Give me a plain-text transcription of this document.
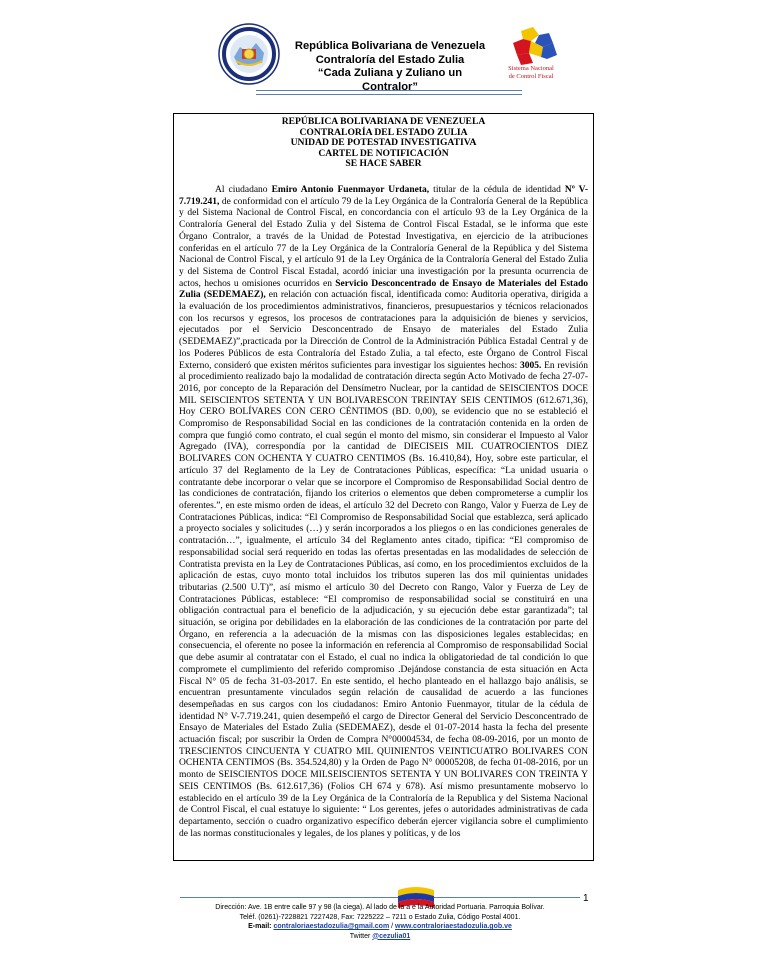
República Bolivariana de Venezuela
Contraloría del Estado Zulia
“Cada Zuliana y Zuliano un Contralor”
Sistema Nacional
de Control Fiscal
REPÚBLICA BOLIVARIANA DE VENEZUELA
CONTRALORÍA DEL ESTADO ZULIA
UNIDAD DE POTESTAD INVESTIGATIVA
CARTEL DE NOTIFICACIÓN
SE HACE SABER

Al ciudadano Emiro Antonio Fuenmayor Urdaneta, titular de la cédula de identidad Nº V- 7.719.241, de conformidad con el artículo 79 de la Ley Orgánica de la Contraloría General de la República y del Sistema Nacional de Control Fiscal, en concordancia con el artículo 93 de la Ley Orgánica de la Contraloría General del Estado Zulia y del Sistema de Control Fiscal Estadal, se le informa que este Órgano Contralor, a través de la Unidad de Potestad Investigativa, en ejercicio de la atribuciones conferidas en el artículo 77 de la Ley Orgánica de la Contraloría General de la República y del Sistema Nacional de Control Fiscal, y el artículo 91 de la Ley Orgánica de la Contraloría General del Estado Zulia y del Sistema de Control Fiscal Estadal, acordó iniciar una investigación por la presunta ocurrencia de actos, hechos u omisiones ocurridos en Servicio Desconcentrado de Ensayo de Materiales del Estado Zulia (SEDEMAEZ), en relación con actuación fiscal, identificada como: Auditoria operativa, dirigida a la evaluación de los procedimientos administrativos, financieros, presupuestarios y técnicos relacionados con los recursos y egresos, los procesos de contrataciones para la adquisición de bienes y servicios, ejecutados por el Servicio Desconcentrado de Ensayo de materiales del Estado Zulia (SEDEMAEZ)”,practicada por la Dirección de Control de la Administración Pública Estadal Central y de los Poderes Públicos de esta Contraloría del Estado Zulia, a tal efecto, este Órgano de Control Fiscal Externo, consideró que existen méritos suficientes para investigar los siguientes hechos: 3005. En revisión al procedimiento realizado bajo la modalidad de contratación directa según Acto Motivado de fecha 27-07-2016, por concepto de la Reparación del Densímetro Nuclear, por la cantidad de SEISCIENTOS DOCE MIL SEISCIENTOS SETENTA Y UN BOLIVARESCON TREINTAY SEIS CENTIMOS (612.671,36), Hoy CERO BOLÍVARES CON CERO CÉNTIMOS (BD. 0,00), se evidencio que no se estableció el Compromiso de Responsabilidad Social en las condiciones de la contratación contenida en la orden de compra que fungió como contrato, el cual según el monto del mismo, sin considerar el Impuesto al Valor Agregado (IVA), correspondía por la cantidad de DIECISEIS MIL CUATROCIENTOS DIEZ BOLIVARES CON OCHENTA Y CUATRO CENTIMOS (Bs. 16.410,84), Hoy, sobre este particular, el artículo 37 del Reglamento de la Ley de Contrataciones Públicas, específica: “La unidad usuaria o contratante debe incorporar o velar que se incorpore el Compromiso de Responsabilidad Social dentro de las condiciones de contratación, fijando los criterios o elementos que deben comprometerse a cumplir los oferentes.”, en este mismo orden de ideas, el artículo 32 del Decreto con Rango, Valor y Fuerza de Ley de Contrataciones Públicas, indica: “El Compromiso de Responsabilidad Social que establezca, será aplicado a proyecto sociales y solicitudes (…) y serán incorporados a los pliegos o en las condiciones generales de contratación…”, igualmente, el artículo 34 del Reglamento antes citado, tipifica: “El compromiso de responsabilidad social será requerido en todas las ofertas presentadas en las modalidades de selección de Contratista prevista en la Ley de Contrataciones Públicas, así como, en los procedimientos excluidos de la aplicación de estas, cuyo monto total incluidos los tributos superen las dos mil quinientas unidades tributarias (2.500 U.T)”, así mismo el artículo 30 del Decreto con Rango, Valor y Fuerza de Ley de Contrataciones Públicas, establece: “El compromiso de responsabilidad social se constituirá en una obligación contractual para el beneficio de la adjudicación, y su ejecución debe estar garantizada”; tal situación, se origina por debilidades en la elaboración de las condiciones de la contratación por parte del Órgano, en referencia a la adecuación de la mismas con las disposiciones legales establecidas; en consecuencia, el oferente no posee la información en referencia al Compromiso de responsabilidad Social que debe asumir al contratatar con el Estado, el cual no indica la obligatoriedad de tal condición lo que compromete el cumplimiento del referido compromiso .Dejándose constancia de esta situación en Acta Fiscal N° 05 de fecha 31-03-2017. En este sentido, el hecho planteado en el hallazgo bajo análisis, se encuentran presuntamente vinculados según relación de causalidad de acuerdo a las funciones desempeñadas en sus cargos con los ciudadanos: Emiro Antonio Fuenmayor, titular de la cédula de identidad N° V-7.719.241, quien desempeñó el cargo de Director General del Servicio Desconcentrado de Ensayo de Materiales del Estado Zulia (SEDEMAEZ), desde el 01-07-2014 hasta la fecha del presente actuación fiscal; por suscribir la Orden de Compra N°00004534, de fecha 08-09-2016, por un monto de TRESCIENTOS CINCUENTA Y CUATRO MIL QUINIENTOS VEINTICUATRO BOLIVARES CON OCHENTA CENTIMOS (Bs. 354.524,80) y la Orden de Pago N° 00005208, de fecha 01-08-2016, por un monto de SEISCIENTOS DOCE MILSEISCIENTOS SETENTA Y UN BOLIVARES CON TREINTA Y SEIS CENTIMOS (Bs. 612.617,36) (Folios CH 674 y 678). Así mismo presuntamente mobservo lo establecido en el artículo 39 de la Ley Orgánica de la Contraloría de la Republica y del Sistema Nacional de Control Fiscal, el cual estatuye lo siguiente: “ Los gerentes, jefes o autoridades administrativas de cada departamento, sección o cuadro organizativo específico deberán ejercer vigilancia sobre el cumplimiento de las normas constitucionales y legales, de los planes y políticas, y de los

1
Dirección: Ave. 1B entre calle 97 y 98 (la ciega). Al lado de la a e la Autoridad Portuaria. Parroquia Bolívar.
Teléf. (0261)-7228821 7227428, Fax: 7225222 – 7211 o Estado Zulia, Código Postal 4001.
E-mail: contraloriaestadozulia@gmail.com / www.contraloriaestadozulia.gob.ve
Twitter @cezulia01
